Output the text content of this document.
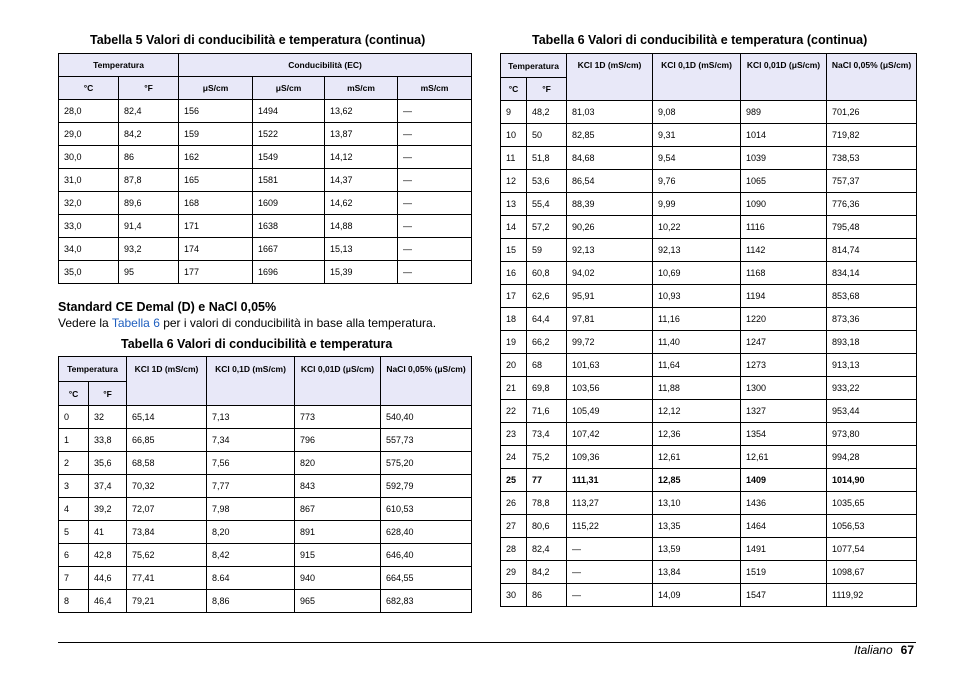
Tabella 5 Valori di conducibilità e temperatura (continua)
Temperatura		Conducibilità (EC)			
°C	°F	μS/cm	μS/cm	mS/cm	mS/cm
28,0	82,4	156	1494	13,62	—
29,0	84,2	159	1522	13,87	—
30,0	86	162	1549	14,12	—
31,0	87,8	165	1581	14,37	—
32,0	89,6	168	1609	14,62	—
33,0	91,4	171	1638	14,88	—
34,0	93,2	174	1667	15,13	—
35,0	95	177	1696	15,39	—
Standard CE Demal (D) e NaCl 0,05%
Vedere la Tabella 6 per i valori di conducibilità in base alla temperatura.
Tabella 6 Valori di conducibilità e temperatura
Temperatura		KCl 1D (mS/cm)	KCl 0,1D (mS/cm)	KCl 0,01D (μS/cm)	NaCl 0,05% (μS/cm)
°C	°F				
0	32	65,14	7,13	773	540,40
1	33,8	66,85	7,34	796	557,73
2	35,6	68,58	7,56	820	575,20
3	37,4	70,32	7,77	843	592,79
4	39,2	72,07	7,98	867	610,53
5	41	73,84	8,20	891	628,40
6	42,8	75,62	8,42	915	646,40
7	44,6	77,41	8.64	940	664,55
8	46,4	79,21	8,86	965	682,83
Tabella 6 Valori di conducibilità e temperatura (continua)
Temperatura		KCl 1D (mS/cm)	KCl 0,1D (mS/cm)	KCl 0,01D (μS/cm)	NaCl 0,05% (μS/cm)
°C	°F				
9	48,2	81,03	9,08	989	701,26
10	50	82,85	9,31	1014	719,82
11	51,8	84,68	9,54	1039	738,53
12	53,6	86,54	9,76	1065	757,37
13	55,4	88,39	9,99	1090	776,36
14	57,2	90,26	10,22	1116	795,48
15	59	92,13	92,13	1142	814,74
16	60,8	94,02	10,69	1168	834,14
17	62,6	95,91	10,93	1194	853,68
18	64,4	97,81	11,16	1220	873,36
19	66,2	99,72	11,40	1247	893,18
20	68	101,63	11,64	1273	913,13
21	69,8	103,56	11,88	1300	933,22
22	71,6	105,49	12,12	1327	953,44
23	73,4	107,42	12,36	1354	973,80
24	75,2	109,36	12,61	12,61	994,28
25	77	111,31	12,85	1409	1014,90
26	78,8	113,27	13,10	1436	1035,65
27	80,6	115,22	13,35	1464	1056,53
28	82,4	—	13,59	1491	1077,54
29	84,2	—	13,84	1519	1098,67
30	86	—	14,09	1547	1119,92
Italiano 67
